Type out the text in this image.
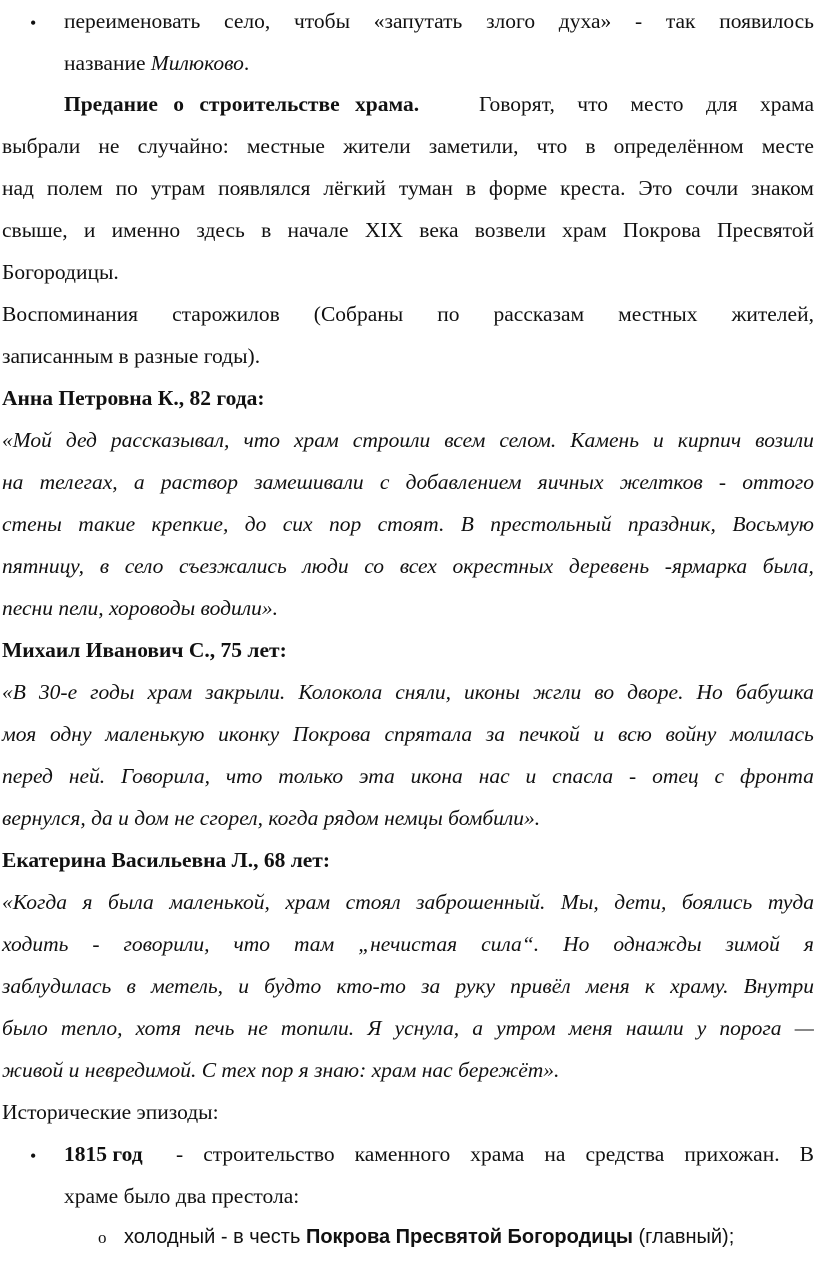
• переименовать село, чтобы «запутать злого духа» - так появилось
название Милюково.
Предание о строительстве храма.	Говорят, что место для храма
выбрали не случайно: местные жители заметили, что в определённом месте
над полем по утрам появлялся лёгкий туман в форме креста. Это сочли знаком
свыше, и именно здесь в начале XIX века возвели храм Покрова Пресвятой
Богородицы.
Воспоминания старожилов (Собраны по рассказам местных жителей,
записанным в разные годы).
Анна Петровна К., 82 года:
«Мой дед рассказывал, что храм строили всем селом. Камень и кирпич возили
на телегах, а раствор замешивали с добавлением яичных желтков - оттого
стены такие крепкие, до сих пор стоят. В престольный праздник, Восьмую
пятницу, в село съезжались люди со всех окрестных деревень -ярмарка была,
песни пели, хороводы водили».
Михаил Иванович С., 75 лет:
«В 30-е годы храм закрыли. Колокола сняли, иконы жгли во дворе. Но бабушка
моя одну маленькую иконку Покрова спрятала за печкой и всю войну молилась
перед ней. Говорила, что только эта икона нас и спасла - отец с фронта
вернулся, да и дом не сгорел, когда рядом немцы бомбили».
Екатерина Васильевна Л., 68 лет:
«Когда я была маленькой, храм стоял заброшенный. Мы, дети, боялись туда
ходить - говорили, что там „нечистая сила“. Но однажды зимой я
заблудилась в метель, и будто кто-то за руку привёл меня к храму. Внутри
было тепло, хотя печь не топили. Я уснула, а утром меня нашли у порога —
живой и невредимой. С тех пор я знаю: храм нас бережёт».
Исторические эпизоды:
• 1815 год - строительство каменного храма на средства прихожан. В
храме было два престола:
o холодный - в честь Покрова Пресвятой Богородицы (главный);
